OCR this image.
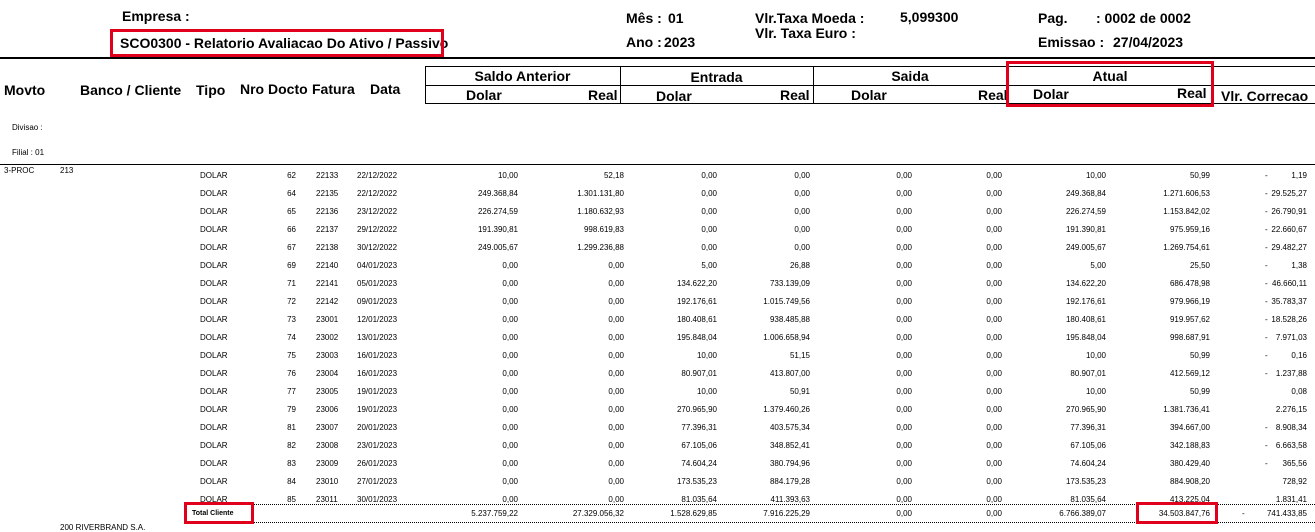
Empresa :
SCO0300 - Relatorio Avaliacao Do Ativo / Passivo
Mês : 01
Ano : 2023
Vlr.Taxa Moeda :	5,099300
Vlr. Taxa Euro :
Pag. : 0002 de 0002
Emissao : 27/04/2023
Movto Banco / Cliente Tipo Nro Docto Fatura Data
Saldo Anterior	Entrada	Saida	Atual
Dolar	Real	Dolar	Real	Dolar	Real Dolar	Real Vlr. Correcao
Divisao :
Filial : 01
3-PROC	213
DOLAR	62	22133 22/12/2022	10,00	52,18	0,00	0,00	0,00	0,00	10,00	50,99	-	1,19
DOLAR	64	22135 22/12/2022	249.368,84	1.301.131,80	0,00	0,00	0,00	0,00	249.368,84	1.271.606,53	- 29.525,27
DOLAR	65	22136 23/12/2022	226.274,59	1.180.632,93	0,00	0,00	0,00	0,00	226.274,59	1.153.842,02	- 26.790,91
DOLAR	66	22137 29/12/2022	191.390,81	998.619,83	0,00	0,00	0,00	0,00	191.390,81	975.959,16	- 22.660,67
DOLAR	67	22138 30/12/2022	249.005,67	1.299.236,88	0,00	0,00	0,00	0,00	249.005,67	1.269.754,61	- 29.482,27
DOLAR	69	22140 04/01/2023	0,00	0,00	5,00	26,88	0,00	0,00	5,00	25,50	-	1,38
DOLAR	71	22141 05/01/2023	0,00	0,00	134.622,20	733.139,09	0,00	0,00	134.622,20	686.478,98	- 46.660,11
DOLAR	72	22142 09/01/2023	0,00	0,00	192.176,61	1.015.749,56	0,00	0,00	192.176,61	979.966,19	- 35.783,37
DOLAR	73	23001 12/01/2023	0,00	0,00	180.408,61	938.485,88	0,00	0,00	180.408,61	919.957,62	- 18.528,26
DOLAR	74	23002 13/01/2023	0,00	0,00	195.848,04	1.006.658,94	0,00	0,00	195.848,04	998.687,91	- 7.971,03
DOLAR	75	23003 16/01/2023	0,00	0,00	10,00	51,15	0,00	0,00	10,00	50,99	-	0,16
DOLAR	76	23004 16/01/2023	0,00	0,00	80.907,01	413.807,00	0,00	0,00	80.907,01	412.569,12	- 1.237,88
DOLAR	77	23005 19/01/2023	0,00	0,00	10,00	50,91	0,00	0,00	10,00	50,99	0,08
DOLAR	79	23006 19/01/2023	0,00	0,00	270.965,90	1.379.460,26	0,00	0,00	270.965,90	1.381.736,41	2.276,15
DOLAR	81	23007 20/01/2023	0,00	0,00	77.396,31	403.575,34	0,00	0,00	77.396,31	394.667,00	- 8.908,34
DOLAR	82	23008 23/01/2023	0,00	0,00	67.105,06	348.852,41	0,00	0,00	67.105,06	342.188,83	- 6.663,58
DOLAR	83	23009 26/01/2023	0,00	0,00	74.604,24	380.794,96	0,00	0,00	74.604,24	380.429,40	- 365,56
DOLAR	84	23010 27/01/2023	0,00	0,00	173.535,23	884.179,28	0,00	0,00	173.535,23	884.908,20	728,92
DOLAR	85	23011 30/01/2023	0,00	0,00	81.035,64	411.393,63	0,00	0,00	81.035,64	413.225,04	1.831,41
Total Cliente	5.237.759,22	27.329.056,32	1.528.629,85	7.916.225,29	0,00	0,00	6.766.389,07	34.503.847,76	-	741.433,85
200 RIVERBRAND S.A.
